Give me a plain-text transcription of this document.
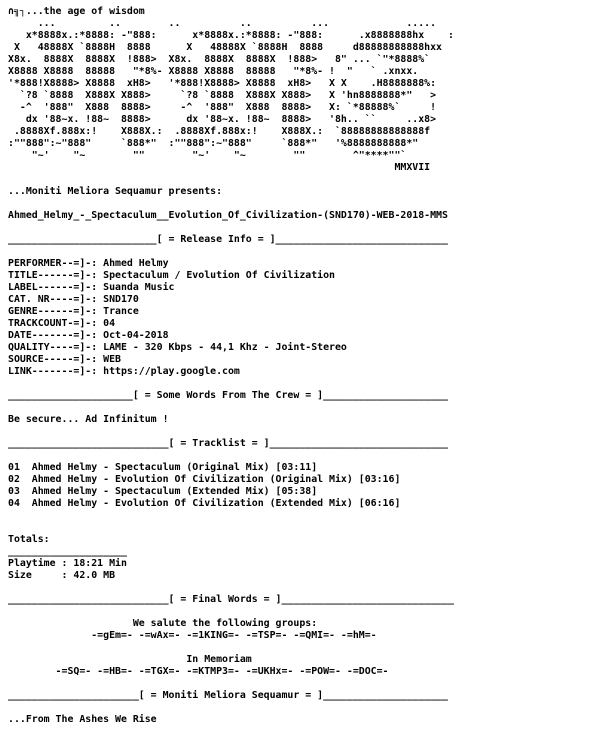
∩╗┐...the age of wisdom
...         ..        ..          ..          ...             .....
x*8888x.:*8888: -"888:      x*8888x.:*8888: -"888:      .x8888888hx    :
X   48888X `8888H  8888      X   48888X `8888H  8888     d88888888888hxx
X8x.  8888X  8888X  !888>  X8x.  8888X  8888X  !888>   8" ... `"*8888%`
X8888 X8888  88888   "*8%- X8888 X8888  88888   "*8%- !  "   ` .xnxx.
'*888!X8888> X8888  xH8>   '*888!X8888> X8888  xH8>   X X    .H8888888%:
`?8 `8888  X888X X888>     `?8 `8888  X888X X888>   X 'hn8888888*"   >
-^  '888"  X888  8888>     -^  '888"  X888  8888>   X: `*88888%`     !
dx '88~x. !88~  8888>      dx '88~x. !88~  8888>   '8h.. ``     ..x8>
.8888Xf.888x:!    X888X.:  .8888Xf.888x:!    X888X.:  `88888888888888f
:""888":~"888"     `888*"  :""888":~"888"     `888*"   '%8888888888*"
"~'    "~        ""        "~'    "~        ""        ^"****""`
MMXVII

...Moniti Meliora Sequamur presents:

Ahmed_Helmy_-_Spectaculum__Evolution_Of_Civilization-(SND170)-WEB-2018-MMS

_________________________[ = Release Info = ]_____________________________

PERFORMER--=]-: Ahmed Helmy
TITLE------=]-: Spectaculum / Evolution Of Civilization
LABEL------=]-: Suanda Music
CAT. NR----=]-: SND170
GENRE------=]-: Trance
TRACKCOUNT-=]-: 04
DATE-------=]-: Oct-04-2018
QUALITY----=]-: LAME - 320 Kbps - 44,1 Khz - Joint-Stereo
SOURCE-----=]-: WEB
LINK-------=]-: https://play.google.com

_____________________[ = Some Words From The Crew = ]_____________________

Be secure... Ad Infinitum !

___________________________[ = Tracklist = ]______________________________

01  Ahmed Helmy - Spectaculum (Original Mix) [03:11]
02  Ahmed Helmy - Evolution Of Civilization (Original Mix) [03:16]
03  Ahmed Helmy - Spectaculum (Extended Mix) [05:38]
04  Ahmed Helmy - Evolution Of Civilization (Extended Mix) [06:16]

Totals:
____________________
Playtime : 18:21 Min
Size     : 42.0 MB

___________________________[ = Final Words = ]_____________________________

We salute the following groups:
-=gEm=- -=wAx=- -=1KING=- -=TSP=- -=QMI=- -=hM=-

In Memoriam
-=SQ=- -=HB=- -=TGX=- -=KTMP3=- -=UKHx=- -=POW=- -=DOC=-

______________________[ = Moniti Meliora Sequamur = ]_____________________

...From The Ashes We Rise
